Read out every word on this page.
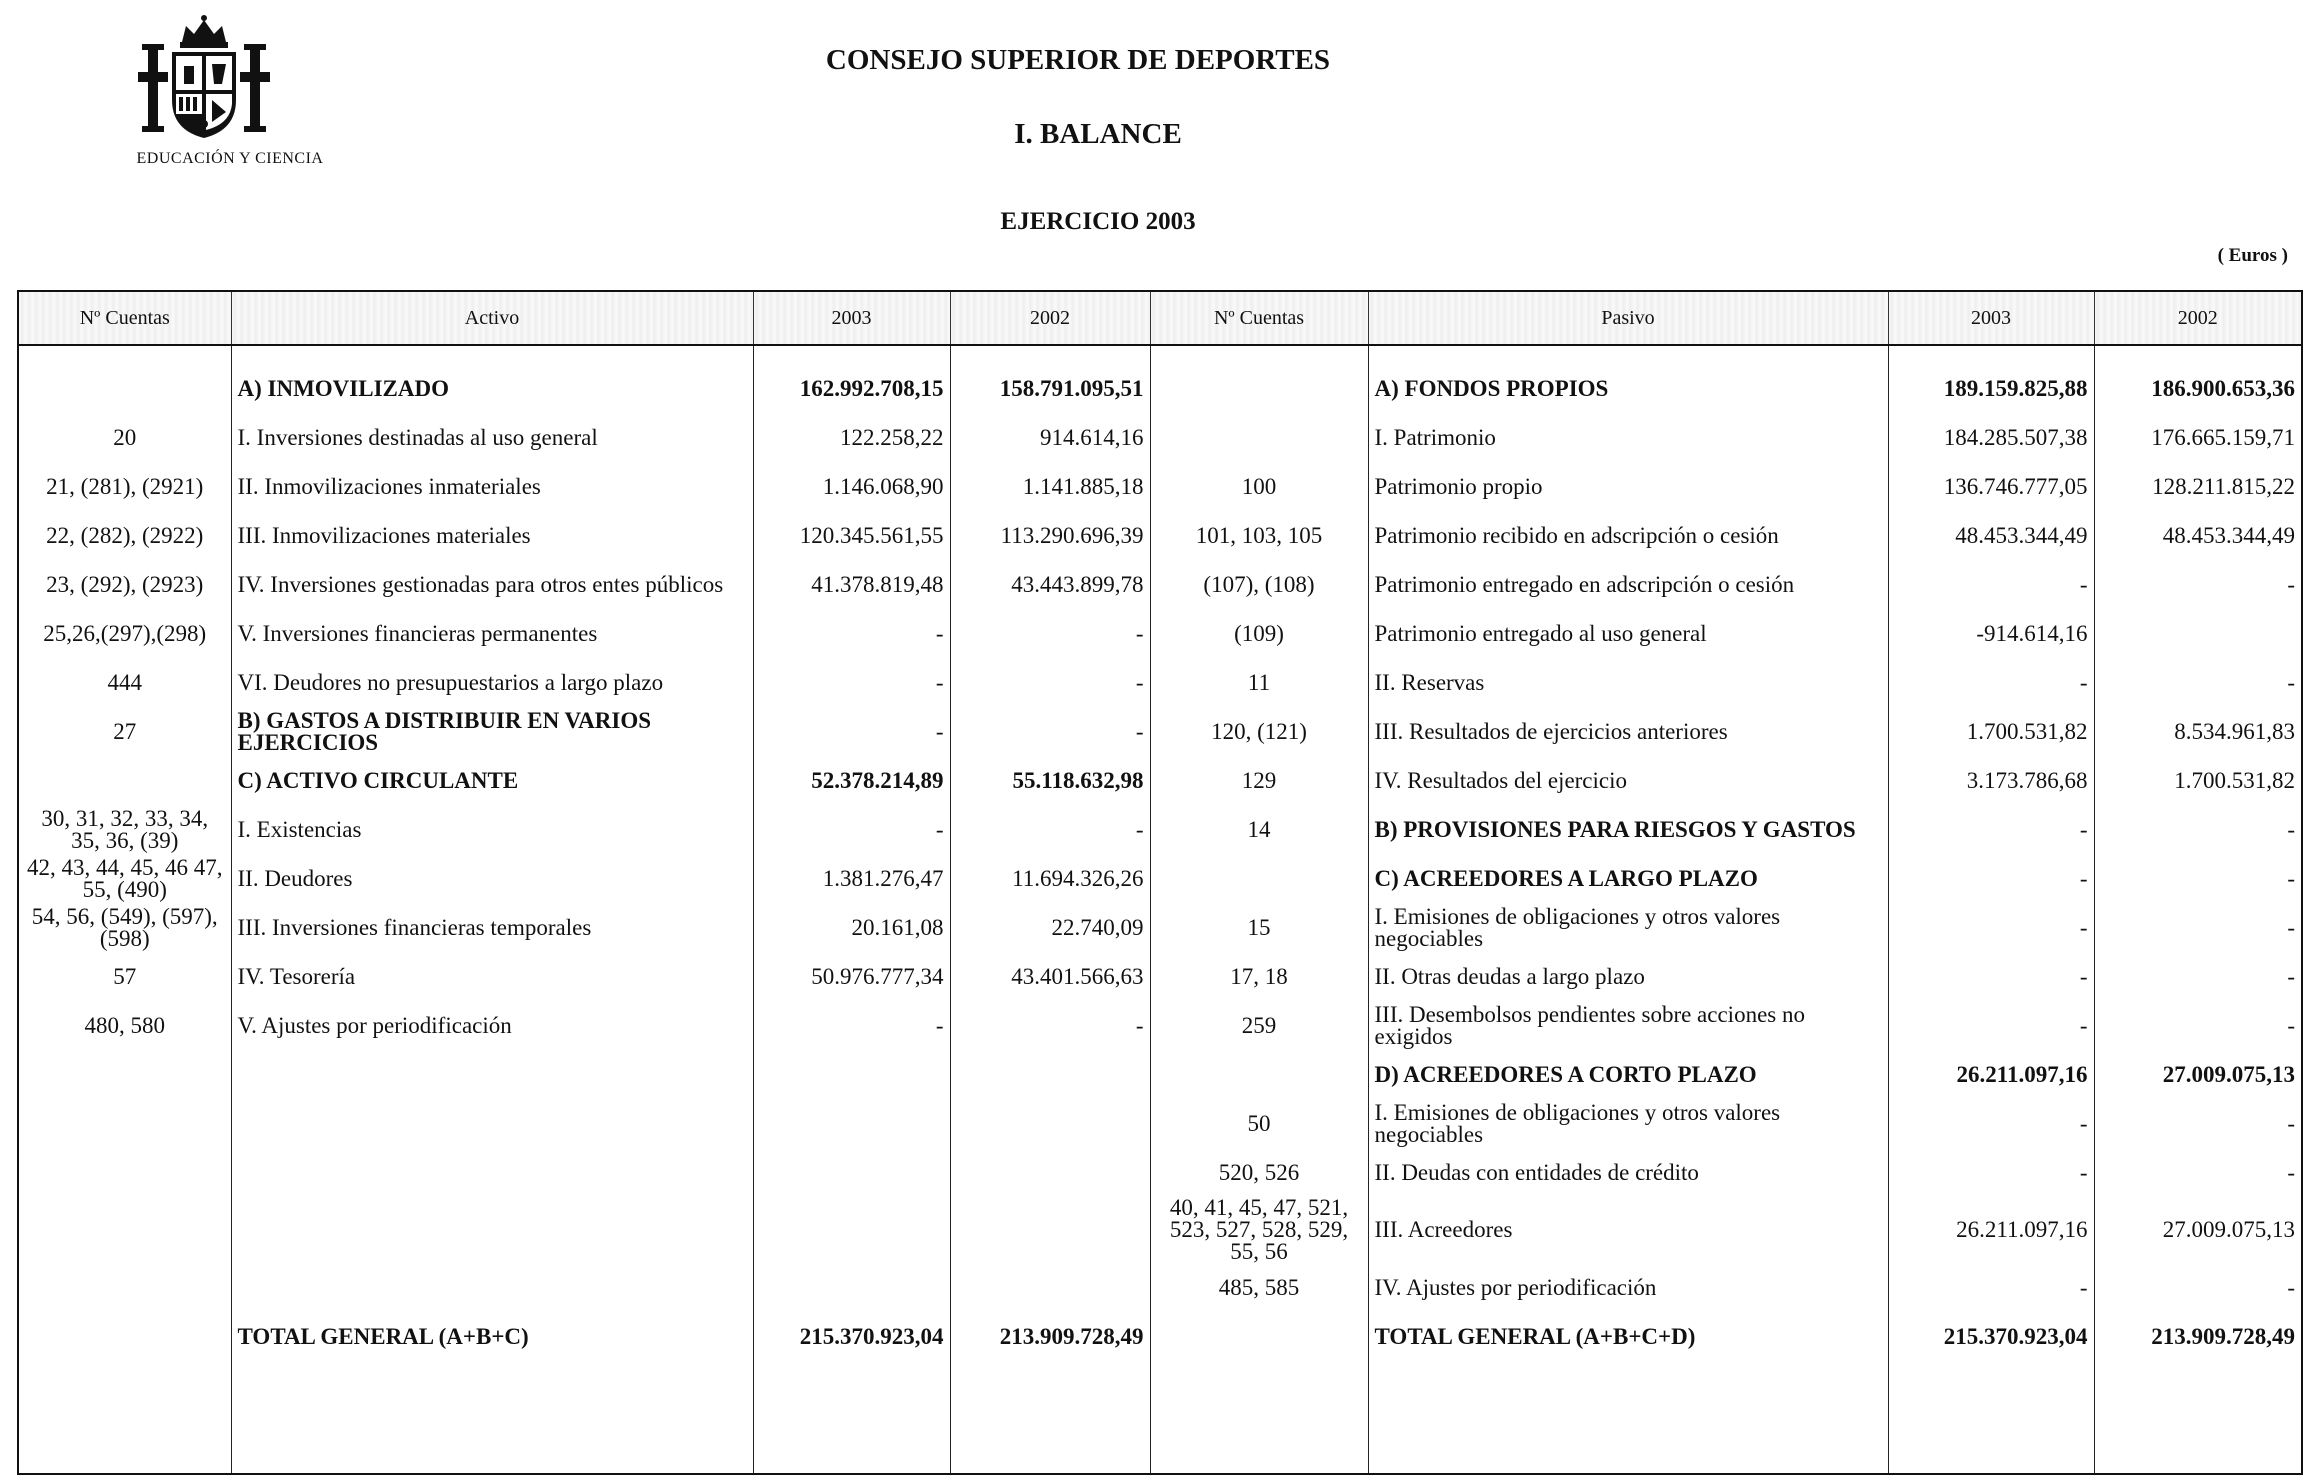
EDUCACIÓN Y CIENCIA
CONSEJO SUPERIOR DE DEPORTES
I. BALANCE
EJERCICIO 2003
( Euros )
Nº Cuentas	Activo	2003	2002	Nº Cuentas	Pasivo	2003	2002

	A) INMOVILIZADO	162.992.708,15	158.791.095,51		A) FONDOS PROPIOS	189.159.825,88	186.900.653,36
20	I. Inversiones destinadas al uso general	122.258,22	914.614,16		I. Patrimonio	184.285.507,38	176.665.159,71
21, (281), (2921)	II. Inmovilizaciones inmateriales	1.146.068,90	1.141.885,18	100	Patrimonio propio	136.746.777,05	128.211.815,22
22, (282), (2922)	III. Inmovilizaciones materiales	120.345.561,55	113.290.696,39	101, 103, 105	Patrimonio recibido en adscripción o cesión	48.453.344,49	48.453.344,49
23, (292), (2923)	IV. Inversiones gestionadas para otros entes públicos	41.378.819,48	43.443.899,78	(107), (108)	Patrimonio entregado en adscripción o cesión	-	-
25,26,(297),(298)	V. Inversiones financieras permanentes	-	-	(109)	Patrimonio entregado al uso general	-914.614,16	
444	VI. Deudores no presupuestarios a largo plazo	-	-	11	II. Reservas	-	-
27	B) GASTOS A DISTRIBUIR EN VARIOS EJERCICIOS	-	-	120, (121)	III. Resultados de ejercicios anteriores	1.700.531,82	8.534.961,83
	C) ACTIVO CIRCULANTE	52.378.214,89	55.118.632,98	129	IV. Resultados del ejercicio	3.173.786,68	1.700.531,82
30, 31, 32, 33, 34, 35, 36, (39)	I. Existencias	-	-	14	B) PROVISIONES PARA RIESGOS Y GASTOS	-	-
42, 43, 44, 45, 46 47, 55, (490)	II. Deudores	1.381.276,47	11.694.326,26		C) ACREEDORES A LARGO PLAZO	-	-
54, 56, (549), (597), (598)	III. Inversiones financieras temporales	20.161,08	22.740,09	15	I. Emisiones de obligaciones y otros valores negociables	-	-
57	IV. Tesorería	50.976.777,34	43.401.566,63	17, 18	II. Otras deudas a largo plazo	-	-
480, 580	V. Ajustes por periodificación	-	-	259	III. Desembolsos pendientes sobre acciones no exigidos	-	-
					D) ACREEDORES A CORTO PLAZO	26.211.097,16	27.009.075,13
				50	I. Emisiones de obligaciones y otros valores negociables	-	-
				520, 526	II. Deudas con entidades de crédito	-	-
				40, 41, 45, 47, 521, 523, 527, 528, 529, 55, 56	III. Acreedores	26.211.097,16	27.009.075,13
				485, 585	IV. Ajustes por periodificación	-	-
	TOTAL GENERAL (A+B+C)	215.370.923,04	213.909.728,49		TOTAL GENERAL (A+B+C+D)	215.370.923,04	213.909.728,49
